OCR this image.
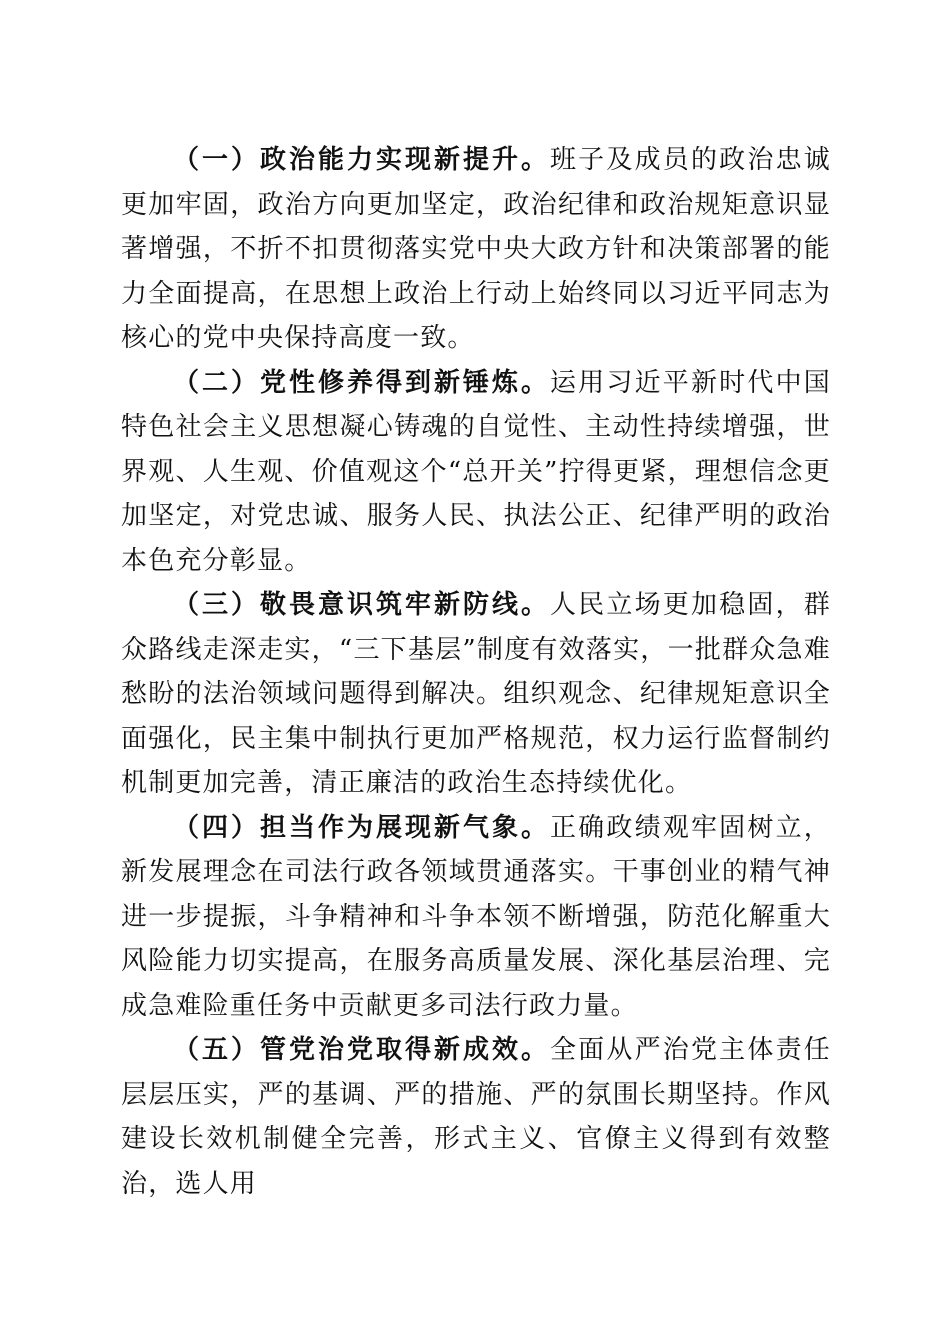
（一）政治能力实现新提升。班子及成员的政治忠诚更加牢固，政治方向更加坚定，政治纪律和政治规矩意识显著增强，不折不扣贯彻落实党中央大政方针和决策部署的能力全面提高，在思想上政治上行动上始终同以习近平同志为核心的党中央保持高度一致。

（二）党性修养得到新锤炼。运用习近平新时代中国特色社会主义思想凝心铸魂的自觉性、主动性持续增强，世界观、人生观、价值观这个“总开关”拧得更紧，理想信念更加坚定，对党忠诚、服务人民、执法公正、纪律严明的政治本色充分彰显。

（三）敬畏意识筑牢新防线。人民立场更加稳固，群众路线走深走实，“三下基层”制度有效落实，一批群众急难愁盼的法治领域问题得到解决。组织观念、纪律规矩意识全面强化，民主集中制执行更加严格规范，权力运行监督制约机制更加完善，清正廉洁的政治生态持续优化。

（四）担当作为展现新气象。正确政绩观牢固树立，新发展理念在司法行政各领域贯通落实。干事创业的精气神进一步提振，斗争精神和斗争本领不断增强，防范化解重大风险能力切实提高，在服务高质量发展、深化基层治理、完成急难险重任务中贡献更多司法行政力量。

（五）管党治党取得新成效。全面从严治党主体责任层层压实，严的基调、严的措施、严的氛围长期坚持。作风建设长效机制健全完善，形式主义、官僚主义得到有效整治，选人用
